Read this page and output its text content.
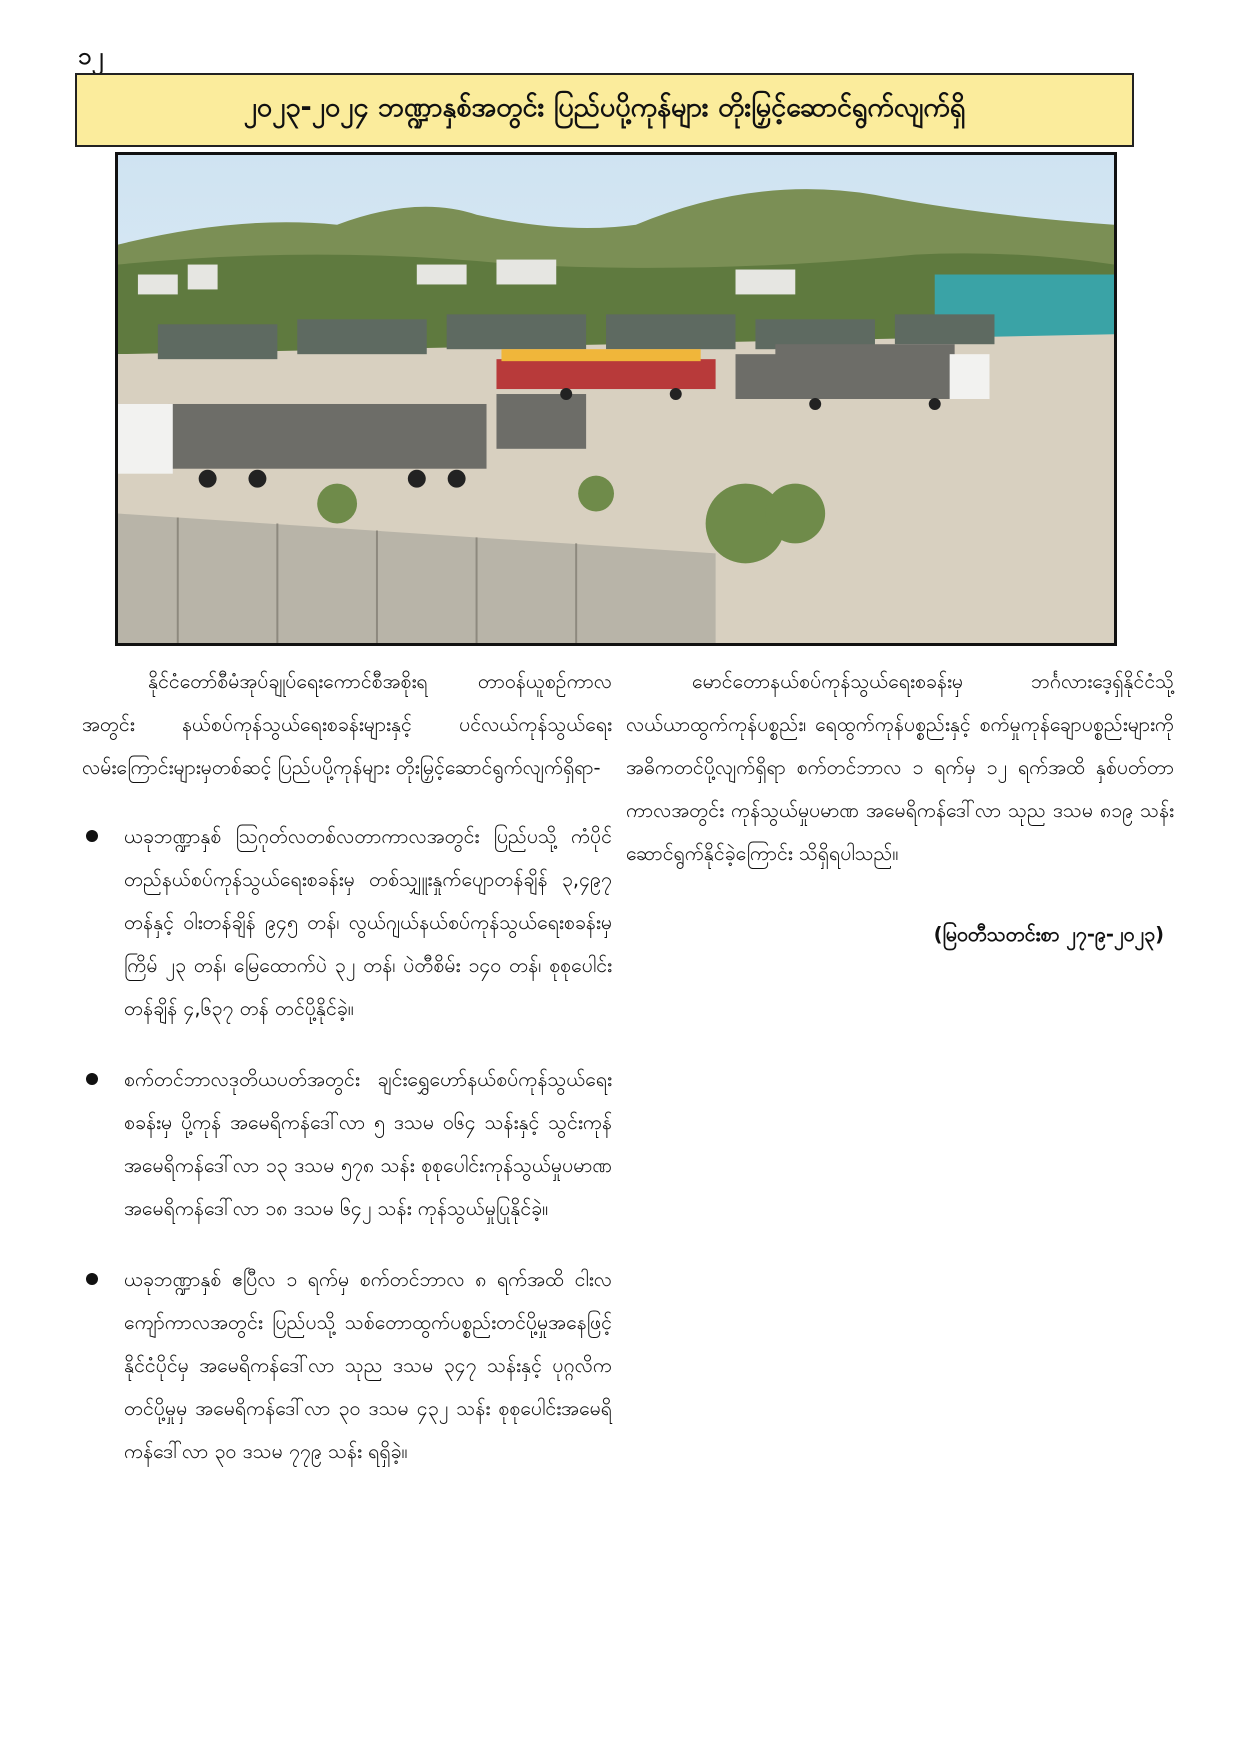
၁၂
၂၀၂၃-၂၀၂၄ ဘဏ္ဍာနှစ်အတွင်း ပြည်ပပို့ကုန်များ တိုးမြှင့်ဆောင်ရွက်လျက်ရှိ

နိုင်ငံတော်စီမံအုပ်ချုပ်ရေးကောင်စီအစိုးရ တာဝန်ယူစဉ်ကာလအတွင်း နယ်စပ်ကုန်သွယ်ရေးစခန်းများနှင့် ပင်လယ်ကုန်သွယ်ရေးလမ်းကြောင်းများမှတစ်ဆင့် ပြည်ပပို့ကုန်များ တိုးမြှင့်ဆောင်ရွက်လျက်ရှိရာ-

ယခုဘဏ္ဍာနှစ် ဩဂုတ်လတစ်လတာကာလအတွင်း ပြည်ပသို့ ကံပိုင်တည်နယ်စပ်ကုန်သွယ်ရေးစခန်းမှ တစ်သျှူးနှုက်ပျောတန်ချိန် ၃,၄၉၇ တန်နှင့် ဝါးတန်ချိန် ၉၄၅ တန်၊ လွယ်ဂျယ်နယ်စပ်ကုန်သွယ်ရေးစခန်းမှ ကြိမ် ၂၃ တန်၊ မြေထောက်ပဲ ၃၂ တန်၊ ပဲတီစိမ်း ၁၄၀ တန်၊ စုစုပေါင်း တန်ချိန် ၄,၆၃၇ တန် တင်ပို့နိုင်ခဲ့။
စက်တင်ဘာလဒုတိယပတ်အတွင်း ချင်းရွှေဟော်နယ်စပ်ကုန်သွယ်ရေးစခန်းမှ ပို့ကုန် အမေရိကန်ဒေါ်လာ ၅ ဒသမ ၀၆၄ သန်းနှင့် သွင်းကုန် အမေရိကန်ဒေါ်လာ ၁၃ ဒသမ ၅၇၈ သန်း စုစုပေါင်းကုန်သွယ်မှုပမာဏ အမေရိကန်ဒေါ်လာ ၁၈ ဒသမ ၆၄၂ သန်း ကုန်သွယ်မှုပြုနိုင်ခဲ့။
ယခုဘဏ္ဍာနှစ် ဧပြီလ ၁ ရက်မှ စက်တင်ဘာလ ၈ ရက်အထိ ငါးလကျော်ကာလအတွင်း ပြည်ပသို့ သစ်တောထွက်ပစ္စည်းတင်ပို့မှုအနေဖြင့် နိုင်ငံပိုင်မှ အမေရိကန်ဒေါ်လာ သုည ဒသမ ၃၄၇ သန်းနှင့် ပုဂ္ဂလိကတင်ပို့မှုမှ အမေရိကန်ဒေါ်လာ ၃၀ ဒသမ ၄၃၂ သန်း စုစုပေါင်းအမေရိကန်ဒေါ်လာ ၃၀ ဒသမ ၇၇၉ သန်း ရရှိခဲ့။

မောင်တောနယ်စပ်ကုန်သွယ်ရေးစခန်းမှ ဘင်္ဂလားဒေ့ရှ်နိုင်ငံသို့ လယ်ယာထွက်ကုန်ပစ္စည်း၊ ရေထွက်ကုန်ပစ္စည်းနှင့် စက်မှုကုန်ချောပစ္စည်းများကို အဓိကတင်ပို့လျက်ရှိရာ စက်တင်ဘာလ ၁ ရက်မှ ၁၂ ရက်အထိ နှစ်ပတ်တာကာလအတွင်း ကုန်သွယ်မှုပမာဏ အမေရိကန်ဒေါ်လာ သုည ဒသမ ၈၁၉ သန်း ဆောင်ရွက်နိုင်ခဲ့ကြောင်း သိရှိရပါသည်။

(မြဝတီသတင်းစာ ၂၇-၉-၂၀၂၃)
